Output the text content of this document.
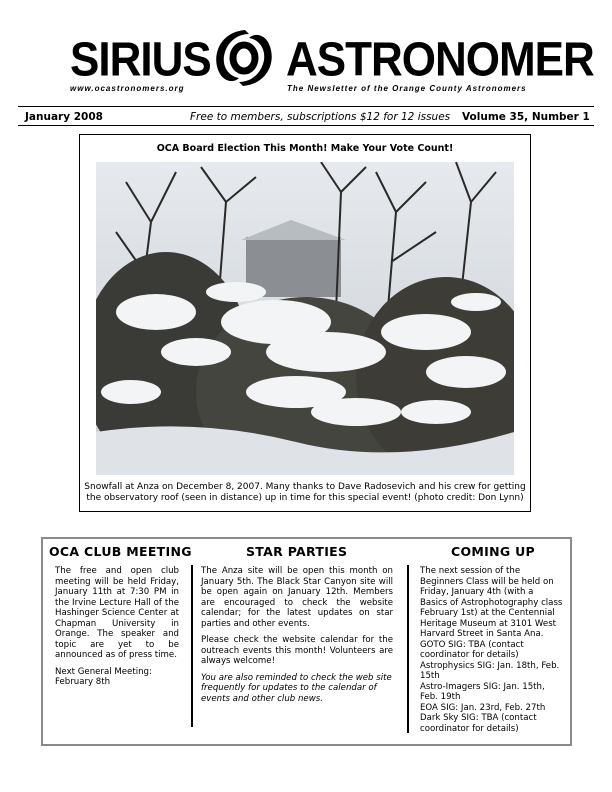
SIRIUS ASTRONOMER
www.ocastronomers.org	The Newsletter of the Orange County Astronomers
January 2008	Free to members, subscriptions $12 for 12 issues Volume 35, Number 1
OCA Board Election This Month! Make Your Vote Count!
Snowfall at Anza on December 8, 2007. Many thanks to Dave Radosevich and his crew for getting
the observatory roof (seen in distance) up in time for this special event! (photo credit: Don Lynn)
OCA CLUB MEETING

The free and open club meeting will be held Friday, January 11th at 7:30 PM in the Irvine Lecture Hall of the Hashinger Science Center at Chapman University in Orange. The speaker and topic are yet to be announced as of press time.

Next General Meeting: February 8th

STAR PARTIES

The Anza site will be open this month on January 5th. The Black Star Canyon site will be open again on January 12th. Members are encouraged to check the website calendar; for the latest updates on star parties and other events.

Please check the website calendar for the outreach events this month! Volunteers are always welcome!

You are also reminded to check the web site frequently for updates to the calendar of events and other club news.

COMING UP
The next session of the Beginners Class will be held on Friday, January 4th (with a Basics of Astrophotography class February 1st) at the Centennial Heritage Museum at 3101 West Harvard Street in Santa Ana.
GOTO SIG: TBA (contact coordinator for details)
Astrophysics SIG: Jan. 18th, Feb. 15th
Astro-Imagers SIG: Jan. 15th, Feb. 19th
EOA SIG: Jan. 23rd, Feb. 27th
Dark Sky SIG: TBA (contact coordinator for details)
